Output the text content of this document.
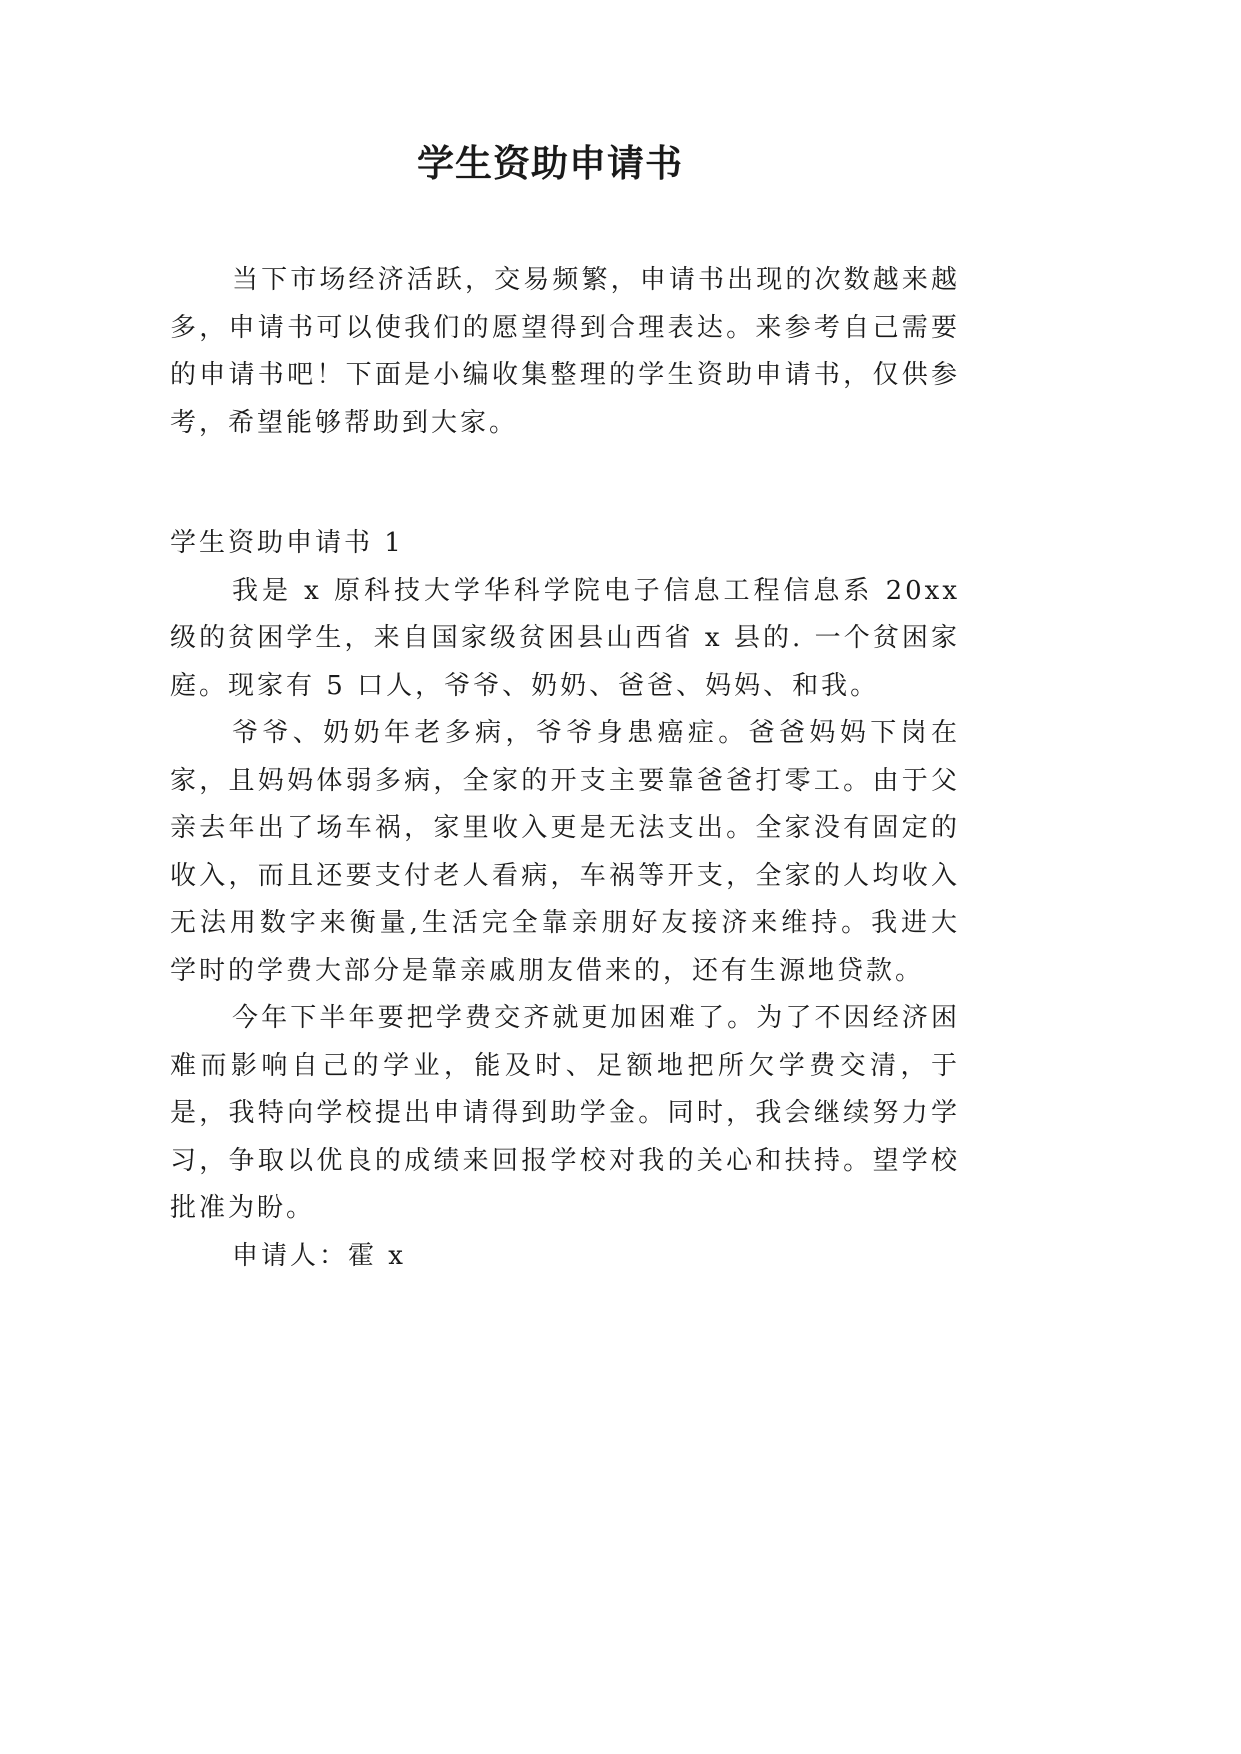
学生资助申请书

当下市场经济活跃，交易频繁，申请书出现的次数越来越多，申请书可以使我们的愿望得到合理表达。来参考自己需要的申请书吧！下面是小编收集整理的学生资助申请书，仅供参考，希望能够帮助到大家。

学生资助申请书 1

我是 x 原科技大学华科学院电子信息工程信息系 20xx 级的贫困学生，来自国家级贫困县山西省 x 县的. 一个贫困家庭。现家有 5 口人，爷爷、奶奶、爸爸、妈妈、和我。

爷爷、奶奶年老多病，爷爷身患癌症。爸爸妈妈下岗在家，且妈妈体弱多病，全家的开支主要靠爸爸打零工。由于父亲去年出了场车祸，家里收入更是无法支出。全家没有固定的收入，而且还要支付老人看病，车祸等开支，全家的人均收入无法用数字来衡量,生活完全靠亲朋好友接济来维持。我进大学时的学费大部分是靠亲戚朋友借来的，还有生源地贷款。

今年下半年要把学费交齐就更加困难了。为了不因经济困难而影响自己的学业，能及时、足额地把所欠学费交清，于是，我特向学校提出申请得到助学金。同时，我会继续努力学习，争取以优良的成绩来回报学校对我的关心和扶持。望学校批准为盼。

申请人：霍 x
